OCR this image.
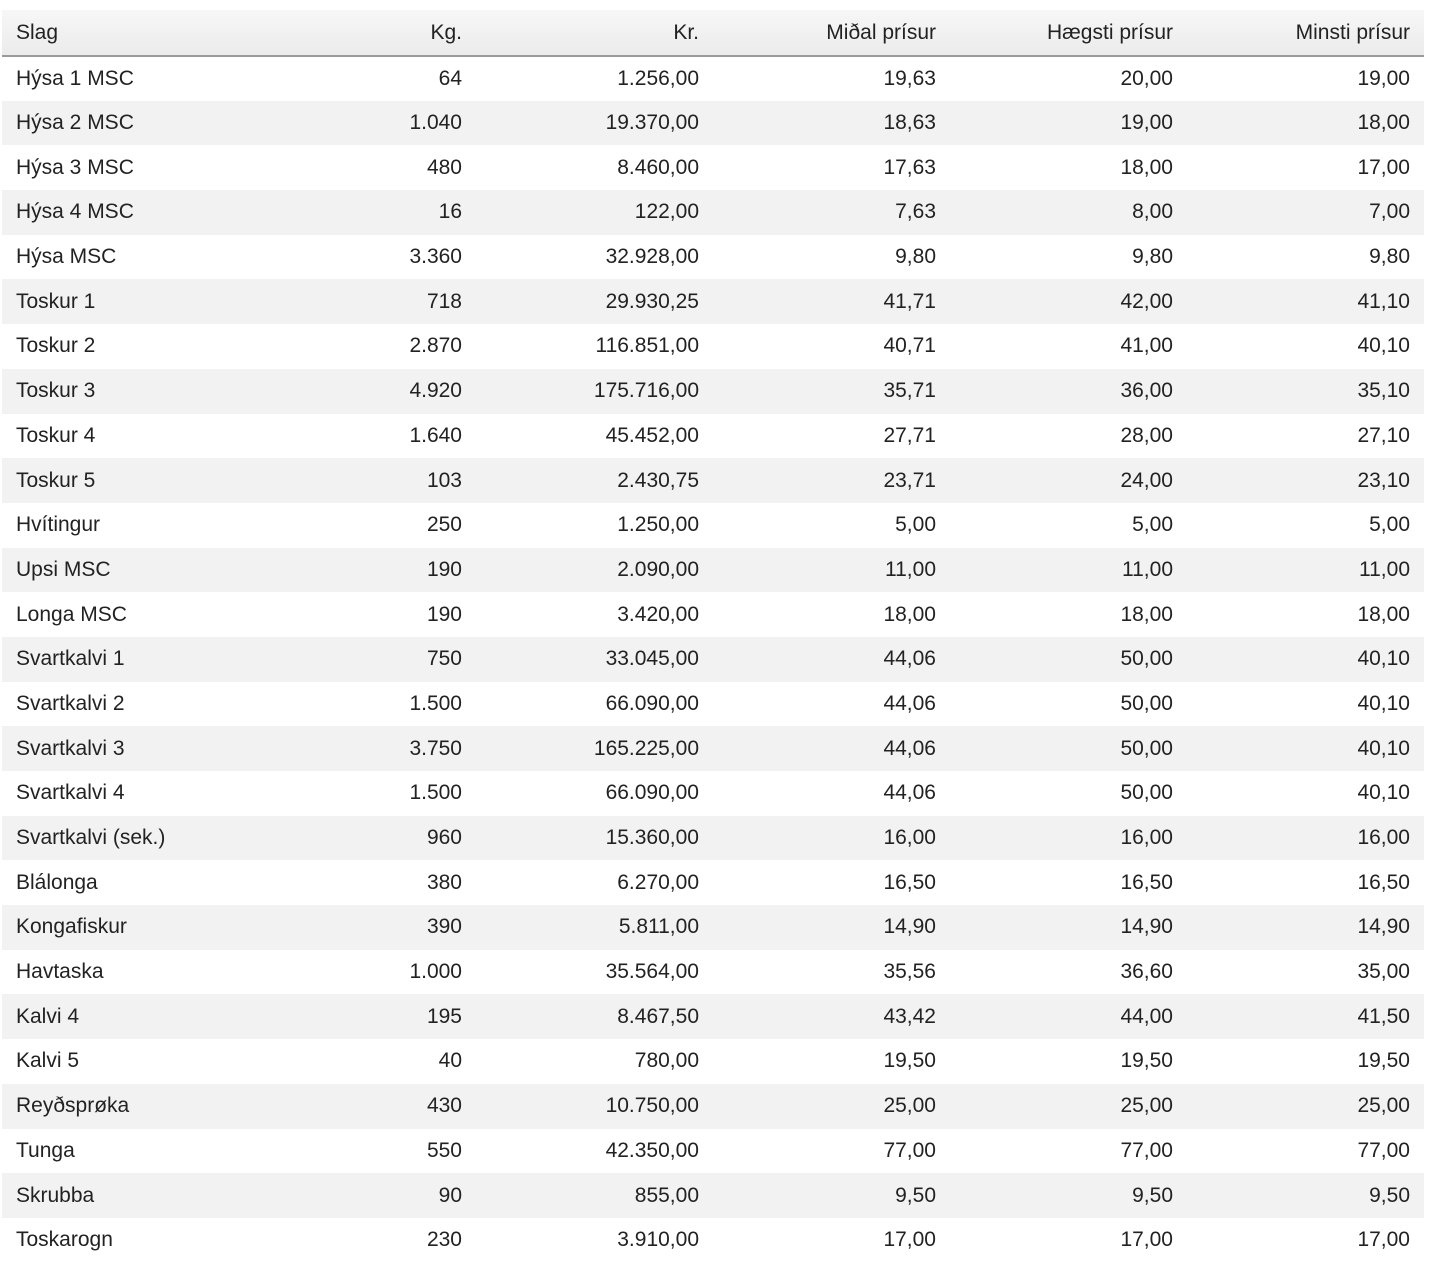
Slag	Kg.	Kr.	Miðal prísur	Hægsti prísur	Minsti prísur
Hýsa 1 MSC	64	1.256,00	19,63	20,00	19,00
Hýsa 2 MSC	1.040	19.370,00	18,63	19,00	18,00
Hýsa 3 MSC	480	8.460,00	17,63	18,00	17,00
Hýsa 4 MSC	16	122,00	7,63	8,00	7,00
Hýsa MSC	3.360	32.928,00	9,80	9,80	9,80
Toskur 1	718	29.930,25	41,71	42,00	41,10
Toskur 2	2.870	116.851,00	40,71	41,00	40,10
Toskur 3	4.920	175.716,00	35,71	36,00	35,10
Toskur 4	1.640	45.452,00	27,71	28,00	27,10
Toskur 5	103	2.430,75	23,71	24,00	23,10
Hvítingur	250	1.250,00	5,00	5,00	5,00
Upsi MSC	190	2.090,00	11,00	11,00	11,00
Longa MSC	190	3.420,00	18,00	18,00	18,00
Svartkalvi 1	750	33.045,00	44,06	50,00	40,10
Svartkalvi 2	1.500	66.090,00	44,06	50,00	40,10
Svartkalvi 3	3.750	165.225,00	44,06	50,00	40,10
Svartkalvi 4	1.500	66.090,00	44,06	50,00	40,10
Svartkalvi (sek.)	960	15.360,00	16,00	16,00	16,00
Blálonga	380	6.270,00	16,50	16,50	16,50
Kongafiskur	390	5.811,00	14,90	14,90	14,90
Havtaska	1.000	35.564,00	35,56	36,60	35,00
Kalvi 4	195	8.467,50	43,42	44,00	41,50
Kalvi 5	40	780,00	19,50	19,50	19,50
Reyðsprøka	430	10.750,00	25,00	25,00	25,00
Tunga	550	42.350,00	77,00	77,00	77,00
Skrubba	90	855,00	9,50	9,50	9,50
Toskarogn	230	3.910,00	17,00	17,00	17,00
